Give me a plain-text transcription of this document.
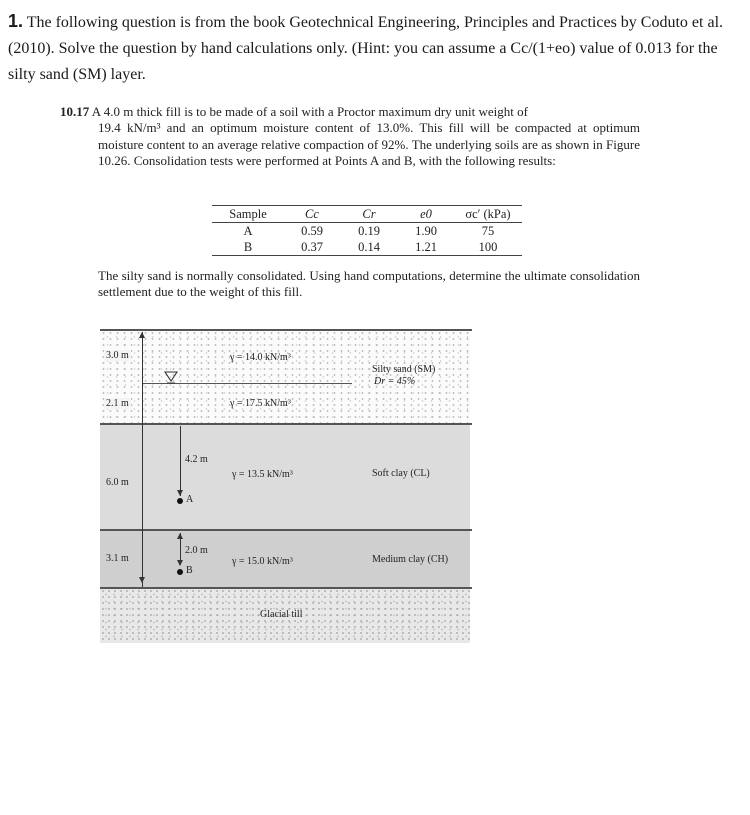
1. The following question is from the book Geotechnical Engineering, Principles and Practices by Coduto et al.(2010). Solve the question by hand calculations only. (Hint: you can assume a Cc/(1+eo) value of 0.013 for the silty sand (SM) layer.
10.17 A 4.0 m thick fill is to be made of a soil with a Proctor maximum dry unit weight of
19.4 kN/m³ and an optimum moisture content of 13.0%. This fill will be compacted at optimum moisture content to an average relative compaction of 92%. The underlying soils are as shown in Figure 10.26. Consolidation tests were performed at Points A and B, with the following results:
Sample	Cc	Cr	e0	σc′ (kPa)
A	0.59	0.19	1.90	75
B	0.37	0.14	1.21	100
The silty sand is normally consolidated. Using hand computations, determine the ultimate consolidation settlement due to the weight of this fill.
3.0 m	γ = 14.0 kN/m³
Silty sand (SM)
Dr = 45%
2.1 m	γ = 17.5 kN/m³
4.2 m
6.0 m
γ = 13.5 kN/m³	Soft clay (CL)
A
3.1 m
2.0 m
γ = 15.0 kN/m³	Medium clay (CH)
B
Glacial till
